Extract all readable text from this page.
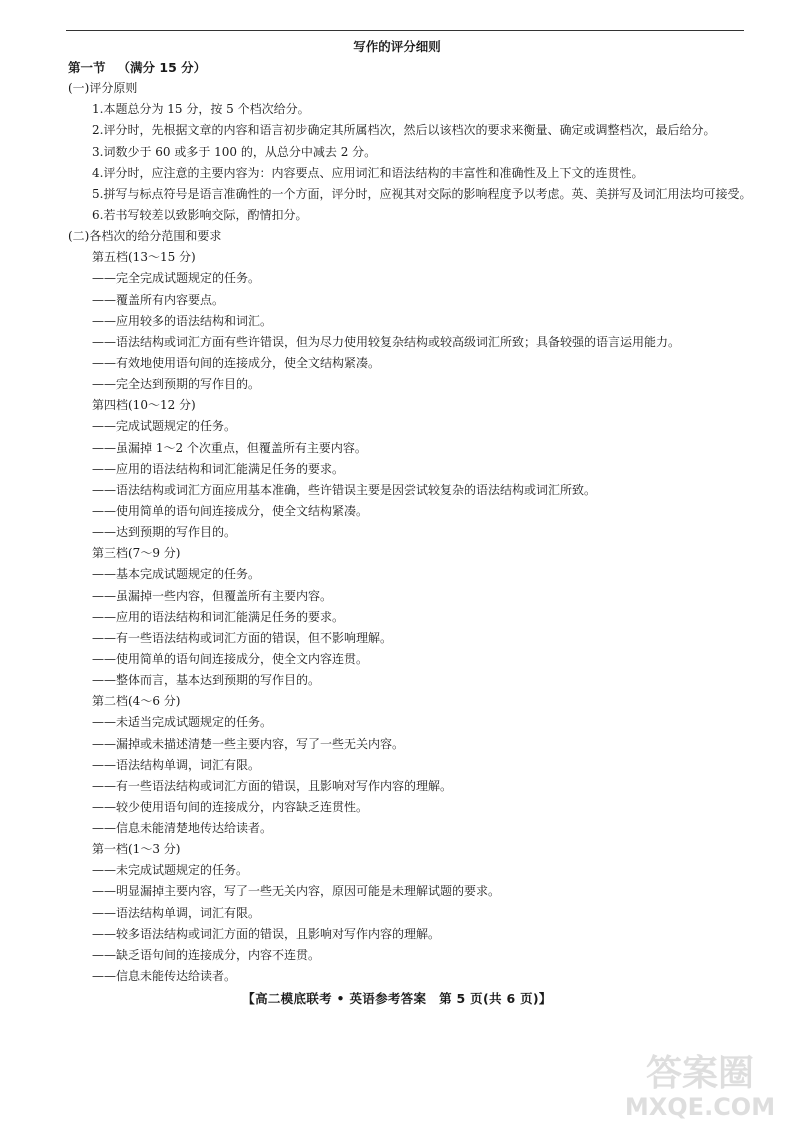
写作的评分细则
第一节 （满分 15 分）
(一)评分原则
1.本题总分为 15 分，按 5 个档次给分。
2.评分时，先根据文章的内容和语言初步确定其所属档次，然后以该档次的要求来衡量、确定或调整档次，最后给分。
3.词数少于 60 或多于 100 的，从总分中减去 2 分。
4.评分时，应注意的主要内容为：内容要点、应用词汇和语法结构的丰富性和准确性及上下文的连贯性。
5.拼写与标点符号是语言准确性的一个方面，评分时，应视其对交际的影响程度予以考虑。英、美拼写及词汇用法均可接受。
6.若书写较差以致影响交际，酌情扣分。
(二)各档次的给分范围和要求
第五档(13～15 分)
——完全完成试题规定的任务。
——覆盖所有内容要点。
——应用较多的语法结构和词汇。
——语法结构或词汇方面有些许错误，但为尽力使用较复杂结构或较高级词汇所致；具备较强的语言运用能力。
——有效地使用语句间的连接成分，使全文结构紧凑。
——完全达到预期的写作目的。
第四档(10～12 分)
——完成试题规定的任务。
——虽漏掉 1～2 个次重点，但覆盖所有主要内容。
——应用的语法结构和词汇能满足任务的要求。
——语法结构或词汇方面应用基本准确，些许错误主要是因尝试较复杂的语法结构或词汇所致。
——使用简单的语句间连接成分，使全文结构紧凑。
——达到预期的写作目的。
第三档(7～9 分)
——基本完成试题规定的任务。
——虽漏掉一些内容，但覆盖所有主要内容。
——应用的语法结构和词汇能满足任务的要求。
——有一些语法结构或词汇方面的错误，但不影响理解。
——使用简单的语句间连接成分，使全文内容连贯。
——整体而言，基本达到预期的写作目的。
第二档(4～6 分)
——未适当完成试题规定的任务。
——漏掉或未描述清楚一些主要内容，写了一些无关内容。
——语法结构单调，词汇有限。
——有一些语法结构或词汇方面的错误，且影响对写作内容的理解。
——较少使用语句间的连接成分，内容缺乏连贯性。
——信息未能清楚地传达给读者。
第一档(1～3 分)
——未完成试题规定的任务。
——明显漏掉主要内容，写了一些无关内容，原因可能是未理解试题的要求。
——语法结构单调，词汇有限。
——较多语法结构或词汇方面的错误，且影响对写作内容的理解。
——缺乏语句间的连接成分，内容不连贯。
——信息未能传达给读者。
【高二模底联考 • 英语参考答案　第 5 页(共 6 页)】
答案圈
MXQE.COM
